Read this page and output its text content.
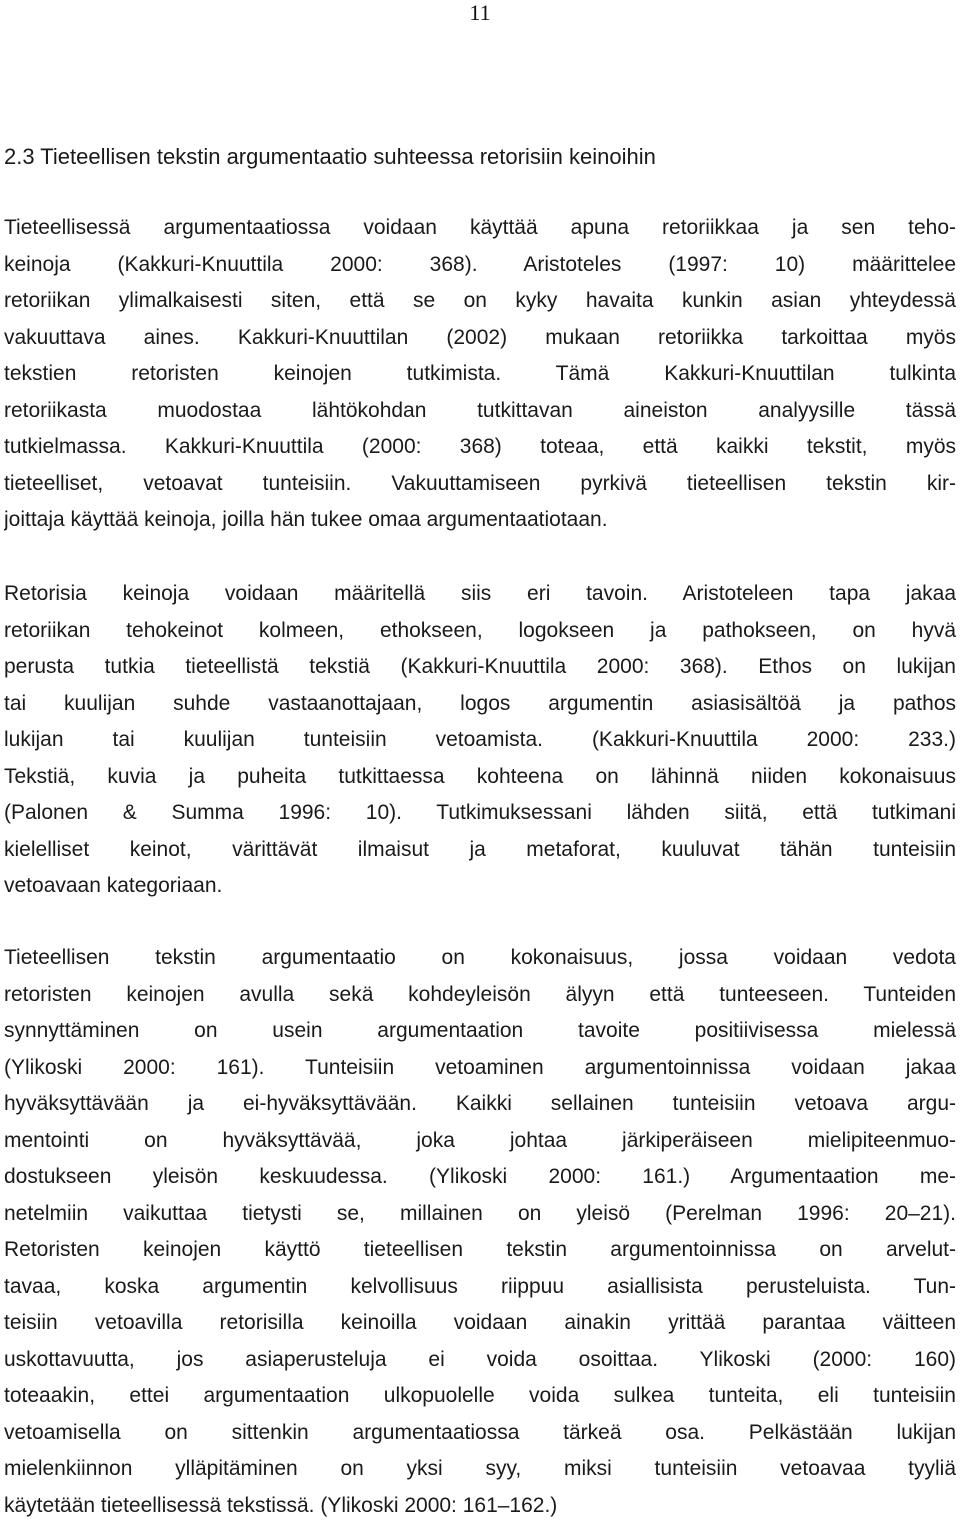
11
2.3 Tieteellisen tekstin argumentaatio suhteessa retorisiin keinoihin
Tieteellisessä argumentaatiossa voidaan käyttää apuna retoriikkaa ja sen teho-
keinoja (Kakkuri-Knuuttila 2000: 368). Aristoteles (1997: 10) määrittelee
retoriikan ylimalkaisesti siten, että se on kyky havaita kunkin asian yhteydessä
vakuuttava aines. Kakkuri-Knuuttilan (2002) mukaan retoriikka tarkoittaa myös
tekstien retoristen keinojen tutkimista. Tämä Kakkuri-Knuuttilan tulkinta
retoriikasta muodostaa lähtökohdan tutkittavan aineiston analyysille tässä
tutkielmassa. Kakkuri-Knuuttila (2000: 368) toteaa, että kaikki tekstit, myös
tieteelliset, vetoavat tunteisiin. Vakuuttamiseen pyrkivä tieteellisen tekstin kir-
joittaja käyttää keinoja, joilla hän tukee omaa argumentaatiotaan.
Retorisia keinoja voidaan määritellä siis eri tavoin. Aristoteleen tapa jakaa
retoriikan tehokeinot kolmeen, ethokseen, logokseen ja pathokseen, on hyvä
perusta tutkia tieteellistä tekstiä (Kakkuri-Knuuttila 2000: 368). Ethos on lukijan
tai kuulijan suhde vastaanottajaan, logos argumentin asiasisältöä ja pathos
lukijan tai kuulijan tunteisiin vetoamista. (Kakkuri-Knuuttila 2000: 233.)
Tekstiä, kuvia ja puheita tutkittaessa kohteena on lähinnä niiden kokonaisuus
(Palonen & Summa 1996: 10). Tutkimuksessani lähden siitä, että tutkimani
kielelliset keinot, värittävät ilmaisut ja metaforat, kuuluvat tähän tunteisiin
vetoavaan kategoriaan.
Tieteellisen tekstin argumentaatio on kokonaisuus, jossa voidaan vedota
retoristen keinojen avulla sekä kohdeyleisön älyyn että tunteeseen. Tunteiden
synnyttäminen on usein argumentaation tavoite positiivisessa mielessä
(Ylikoski 2000: 161). Tunteisiin vetoaminen argumentoinnissa voidaan jakaa
hyväksyttävään ja ei-hyväksyttävään. Kaikki sellainen tunteisiin vetoava argu-
mentointi on hyväksyttävää, joka johtaa järkiperäiseen mielipiteenmuo-
dostukseen yleisön keskuudessa. (Ylikoski 2000: 161.) Argumentaation me-
netelmiin vaikuttaa tietysti se, millainen on yleisö (Perelman 1996: 20–21).
Retoristen keinojen käyttö tieteellisen tekstin argumentoinnissa on arvelut-
tavaa, koska argumentin kelvollisuus riippuu asiallisista perusteluista. Tun-
teisiin vetoavilla retorisilla keinoilla voidaan ainakin yrittää parantaa väitteen
uskottavuutta, jos asiaperusteluja ei voida osoittaa. Ylikoski (2000: 160)
toteaakin, ettei argumentaation ulkopuolelle voida sulkea tunteita, eli tunteisiin
vetoamisella on sittenkin argumentaatiossa tärkeä osa. Pelkästään lukijan
mielenkiinnon ylläpitäminen on yksi syy, miksi tunteisiin vetoavaa tyyliä
käytetään tieteellisessä tekstissä. (Ylikoski 2000: 161–162.)
